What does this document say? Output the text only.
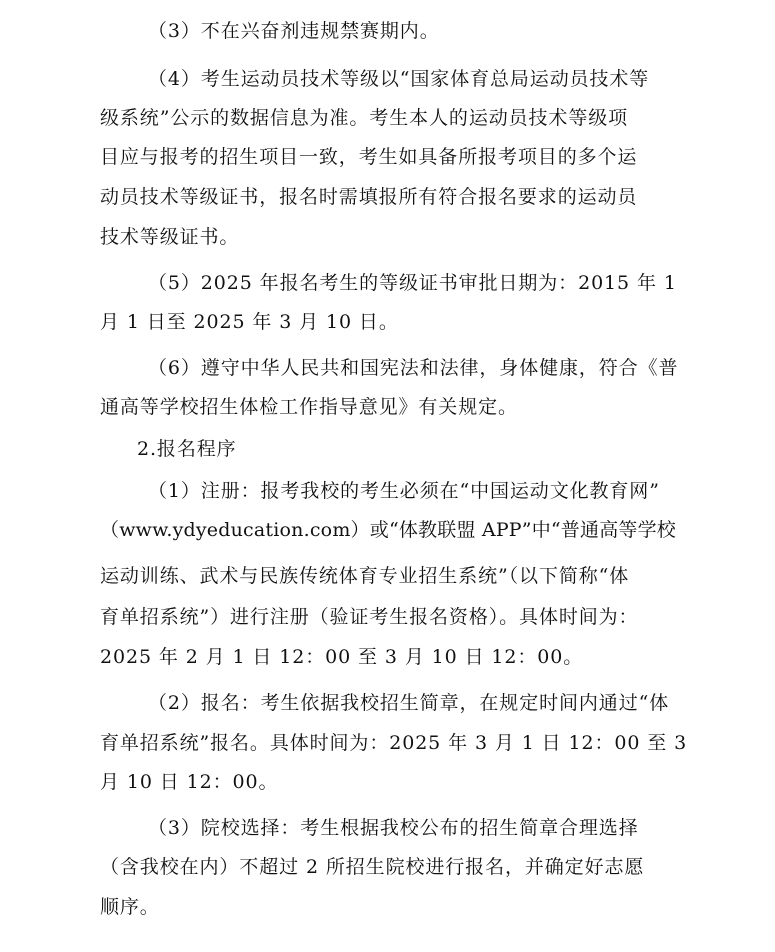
（3）不在兴奋剂违规禁赛期内。
（4）考生运动员技术等级以“国家体育总局运动员技术等
级系统”公示的数据信息为准。考生本人的运动员技术等级项
目应与报考的招生项目一致，考生如具备所报考项目的多个运
动员技术等级证书，报名时需填报所有符合报名要求的运动员
技术等级证书。
（5）2025 年报名考生的等级证书审批日期为：2015 年 1
月 1 日至 2025 年 3 月 10 日。
（6）遵守中华人民共和国宪法和法律，身体健康，符合《普
通高等学校招生体检工作指导意见》有关规定。
2.报名程序
（1）注册：报考我校的考生必须在“中国运动文化教育网”
（www.ydyeducation.com）或“体教联盟 APP”中“普通高等学校
运动训练、武术与民族传统体育专业招生系统”（以下简称“体
育单招系统”）进行注册（验证考生报名资格）。具体时间为：
2025 年 2 月 1 日 12：00 至 3 月 10 日 12：00。
（2）报名：考生依据我校招生简章，在规定时间内通过“体
育单招系统”报名。具体时间为：2025 年 3 月 1 日 12：00 至 3
月 10 日 12：00。
（3）院校选择：考生根据我校公布的招生简章合理选择
（含我校在内）不超过 2 所招生院校进行报名，并确定好志愿
顺序。
